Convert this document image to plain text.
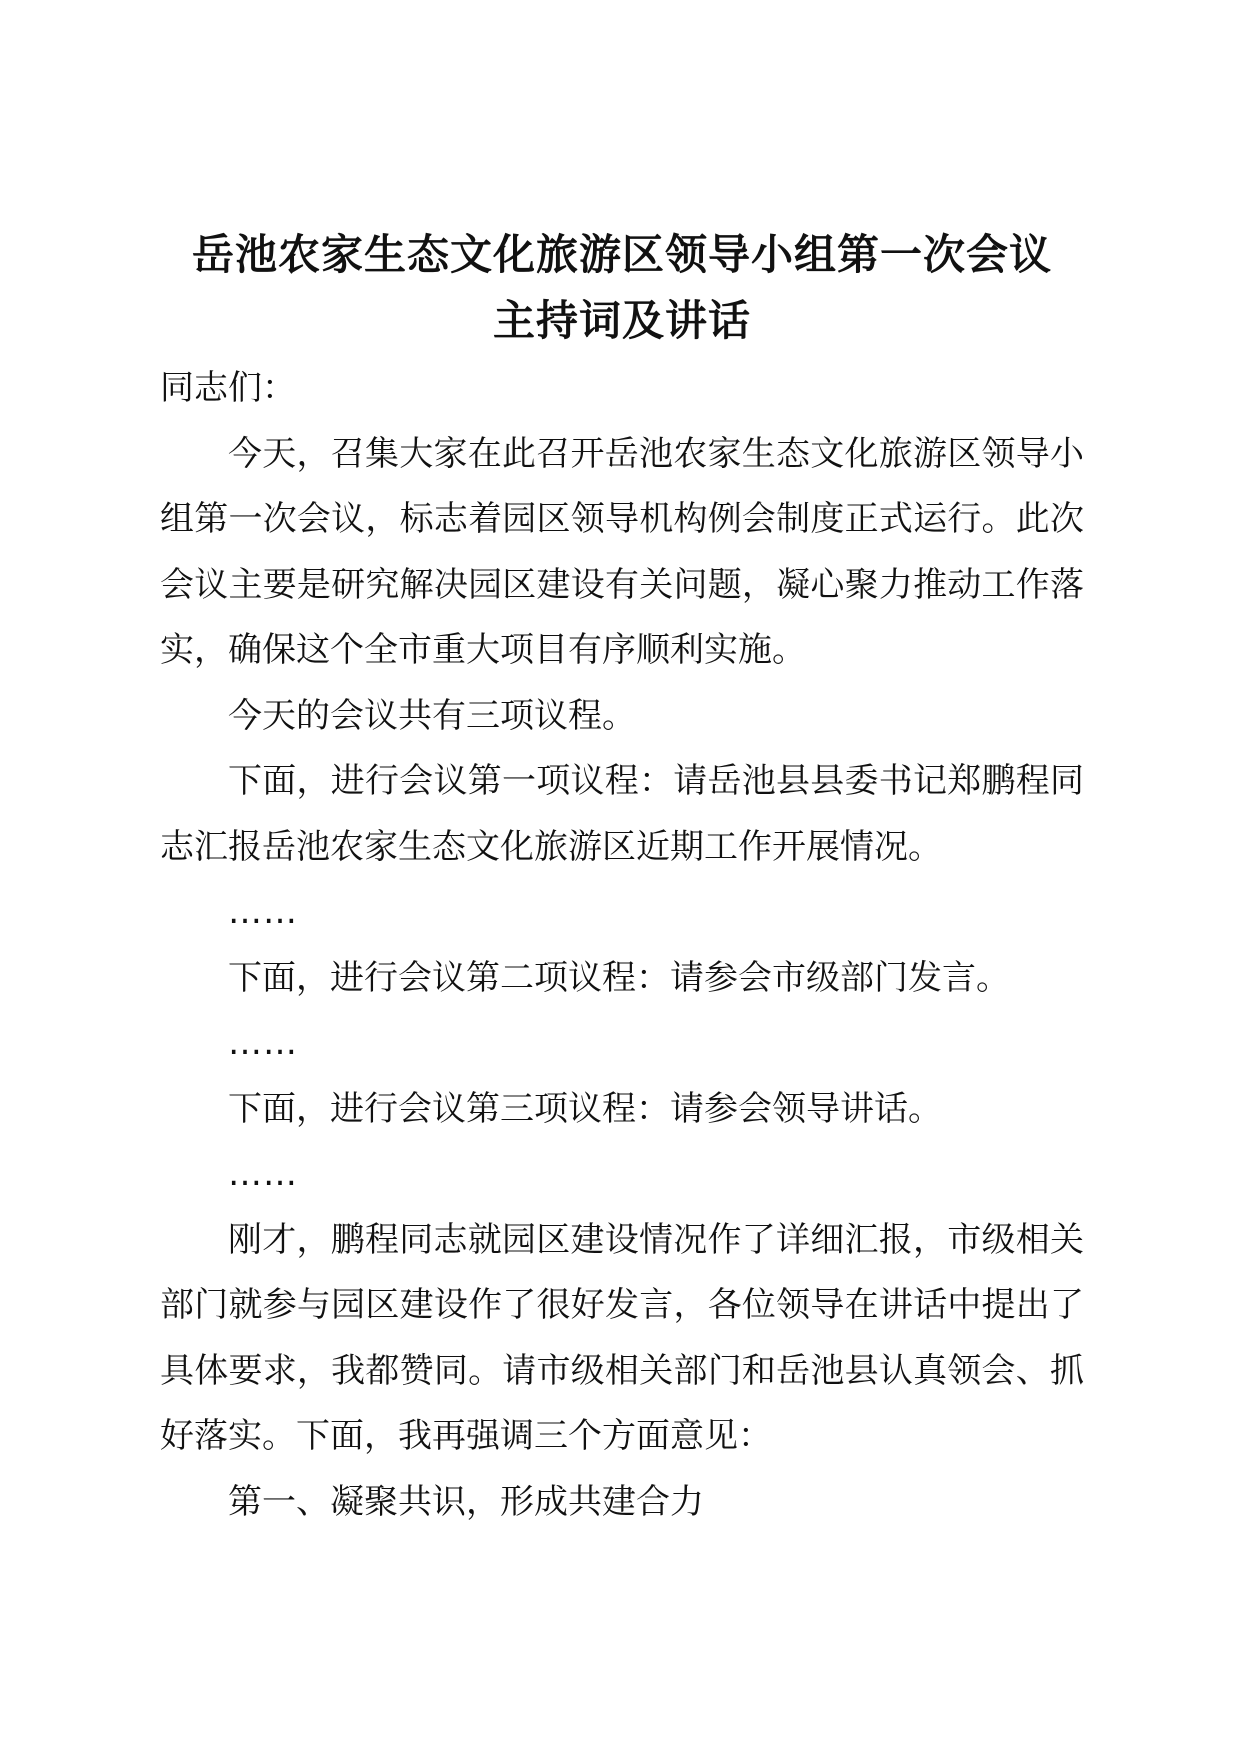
岳池农家生态文化旅游区领导小组第一次会议
主持词及讲话

同志们：

今天，召集大家在此召开岳池农家生态文化旅游区领导小组第一次会议，标志着园区领导机构例会制度正式运行。此次会议主要是研究解决园区建设有关问题，凝心聚力推动工作落实，确保这个全市重大项目有序顺利实施。

今天的会议共有三项议程。

下面，进行会议第一项议程：请岳池县县委书记郑鹏程同志汇报岳池农家生态文化旅游区近期工作开展情况。

……

下面，进行会议第二项议程：请参会市级部门发言。

……

下面，进行会议第三项议程：请参会领导讲话。

……

刚才，鹏程同志就园区建设情况作了详细汇报，市级相关部门就参与园区建设作了很好发言，各位领导在讲话中提出了具体要求，我都赞同。请市级相关部门和岳池县认真领会、抓好落实。下面，我再强调三个方面意见：

第一、凝聚共识，形成共建合力
